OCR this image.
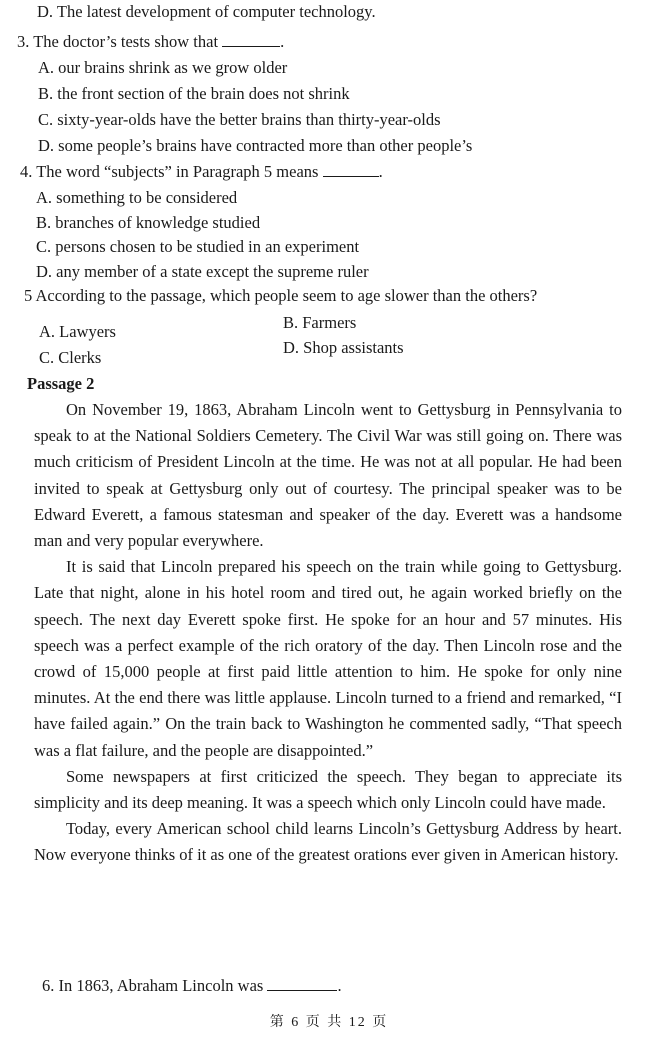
D. The latest development of computer technology.
3. The doctor’s tests show that	.
A. our brains shrink as we grow older
B. the front section of the brain does not shrink
C. sixty-year-olds have the better brains than thirty-year-olds
D. some people’s brains have contracted more than other people’s
4. The word “subjects” in Paragraph 5 means	.
A. something to be considered
B. branches of knowledge studied
C. persons chosen to be studied in an experiment
D. any member of a state except the supreme ruler
5 According to the passage, which people seem to age slower than the others?
A. Lawyers	B. Farmers
C. Clerks
D. Shop assistants
Passage 2

On November 19, 1863, Abraham Lincoln went to Gettysburg in Pennsylvania to speak to at the National Soldiers Cemetery. The Civil War was still going on. There was much criticism of President Lincoln at the time. He was not at all popular. He had been invited to speak at Gettysburg only out of courtesy. The principal speaker was to be Edward Everett, a famous statesman and speaker of the day. Everett was a handsome man and very popular everywhere.

It is said that Lincoln prepared his speech on the train while going to Gettysburg. Late that night, alone in his hotel room and tired out, he again worked briefly on the speech. The next day Everett spoke first. He spoke for an hour and 57 minutes. His speech was a perfect example of the rich oratory of the day. Then Lincoln rose and the crowd of 15,000 people at first paid little attention to him. He spoke for only nine minutes. At the end there was little applause. Lincoln turned to a friend and remarked, “I have failed again.” On the train back to Washington he commented sadly, “That speech was a flat failure, and the people are disappointed.”

Some newspapers at first criticized the speech. They began to appreciate its simplicity and its deep meaning. It was a speech which only Lincoln could have made.

Today, every American school child learns Lincoln’s Gettysburg Address by heart. Now everyone thinks of it as one of the greatest orations ever given in American history.

6. In 1863, Abraham Lincoln was	.
第 6 页 共 12 页
